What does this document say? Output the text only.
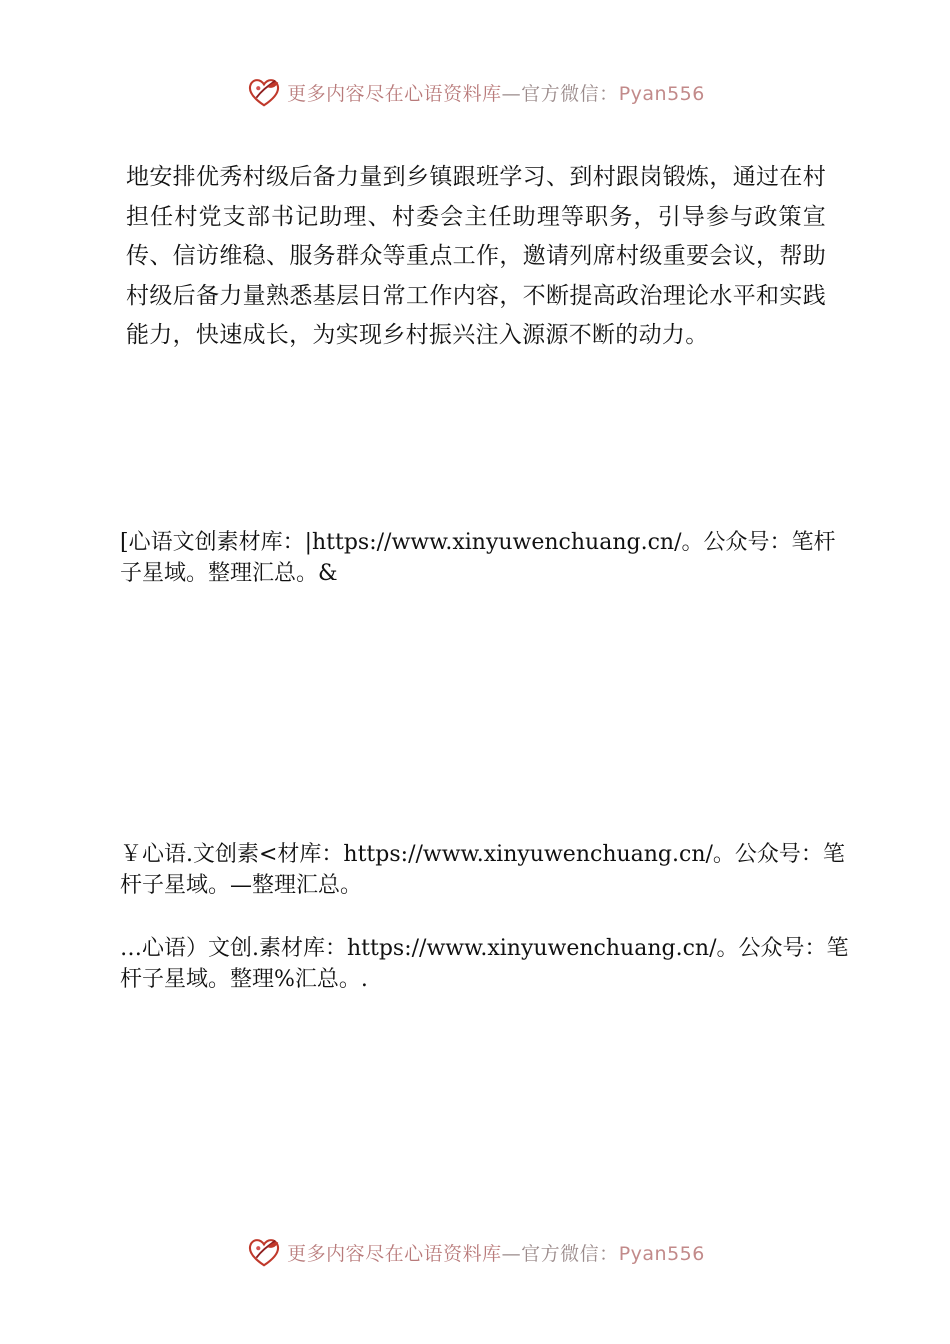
更多内容尽在心语资料库—官方微信：Pyan556
地安排优秀村级后备力量到乡镇跟班学习、到村跟岗锻炼，通过在村担任村党支部书记助理、村委会主任助理等职务，引导参与政策宣传、信访维稳、服务群众等重点工作，邀请列席村级重要会议，帮助村级后备力量熟悉基层日常工作内容，不断提高政治理论水平和实践能力，快速成长，为实现乡村振兴注入源源不断的动力。
[心语文创素材库：|https://www.xinyuwenchuang.cn/。公众号：笔杆子星域。整理汇总。&
￥心语.文创素<材库：https://www.xinyuwenchuang.cn/。公众号：笔杆子星域。—整理汇总。
…心语）文创.素材库：https://www.xinyuwenchuang.cn/。公众号：笔杆子星域。整理%汇总。.
更多内容尽在心语资料库—官方微信：Pyan556
